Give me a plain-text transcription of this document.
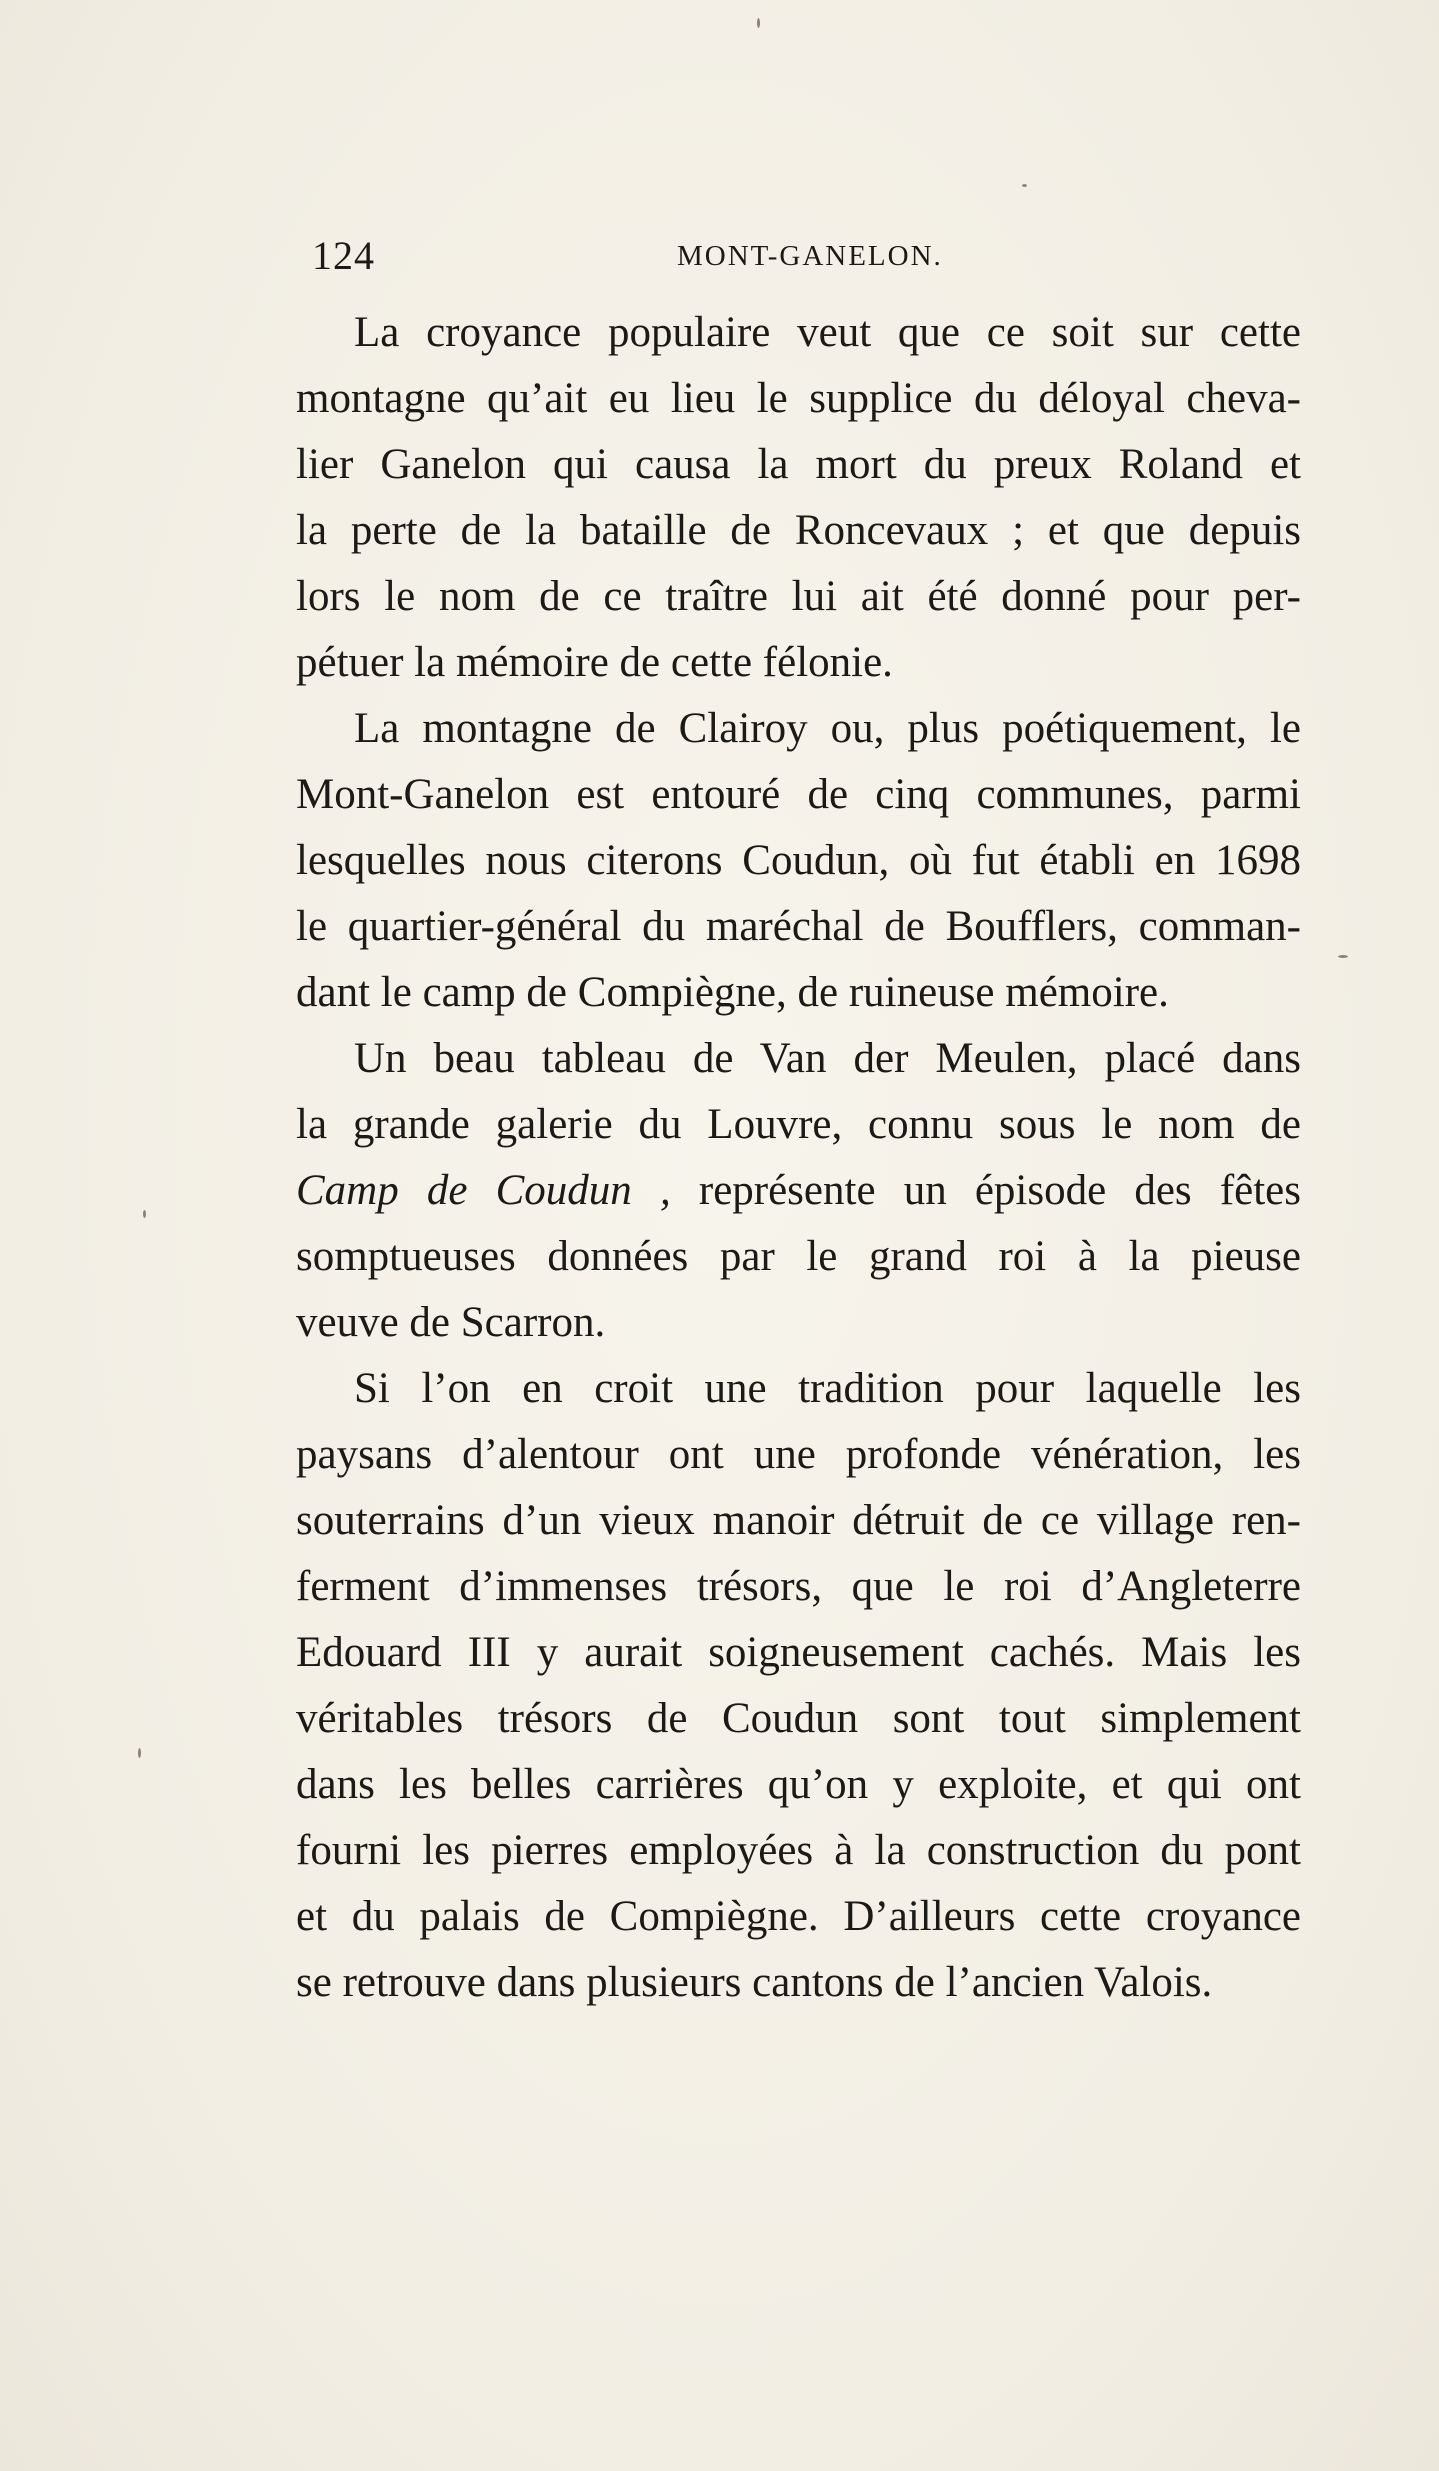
124	MONT-GANELON.
La croyance populaire veut que ce soit sur cette
montagne qu’ait eu lieu le supplice du déloyal cheva-
lier Ganelon qui causa la mort du preux Roland et
la perte de la bataille de Roncevaux ; et que depuis
lors le nom de ce traître lui ait été donné pour per-
pétuer la mémoire de cette félonie.
La montagne de Clairoy ou, plus poétiquement, le
Mont-Ganelon est entouré de cinq communes, parmi
lesquelles nous citerons Coudun, où fut établi en 1698
le quartier-général du maréchal de Boufflers, comman-
dant le camp de Compiègne, de ruineuse mémoire.
Un beau tableau de Van der Meulen, placé dans
la grande galerie du Louvre, connu sous le nom de
Camp de Coudun , représente un épisode des fêtes
somptueuses données par le grand roi à la pieuse
veuve de Scarron.
Si l’on en croit une tradition pour laquelle les
paysans d’alentour ont une profonde vénération, les
souterrains d’un vieux manoir détruit de ce village ren-
ferment d’immenses trésors, que le roi d’Angleterre
Edouard III y aurait soigneusement cachés. Mais les
véritables trésors de Coudun sont tout simplement
dans les belles carrières qu’on y exploite, et qui ont
fourni les pierres employées à la construction du pont
et du palais de Compiègne. D’ailleurs cette croyance
se retrouve dans plusieurs cantons de l’ancien Valois.
